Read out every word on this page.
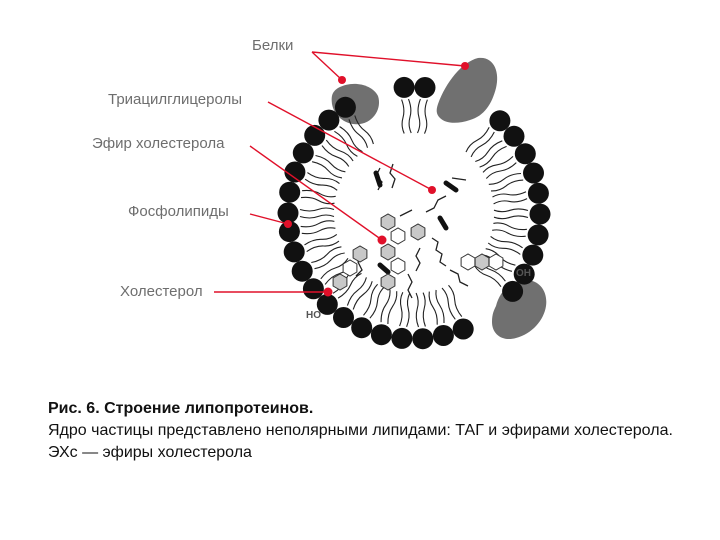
Белки
Триацилглицеролы
Эфир холестерола
Фосфолипиды
Холестерол
OH
HO
Рис. 6. Строение липопротеинов.
Ядро частицы представлено неполярными липидами: ТАГ и эфирами холестерола. ЭХс — эфиры холестерола
